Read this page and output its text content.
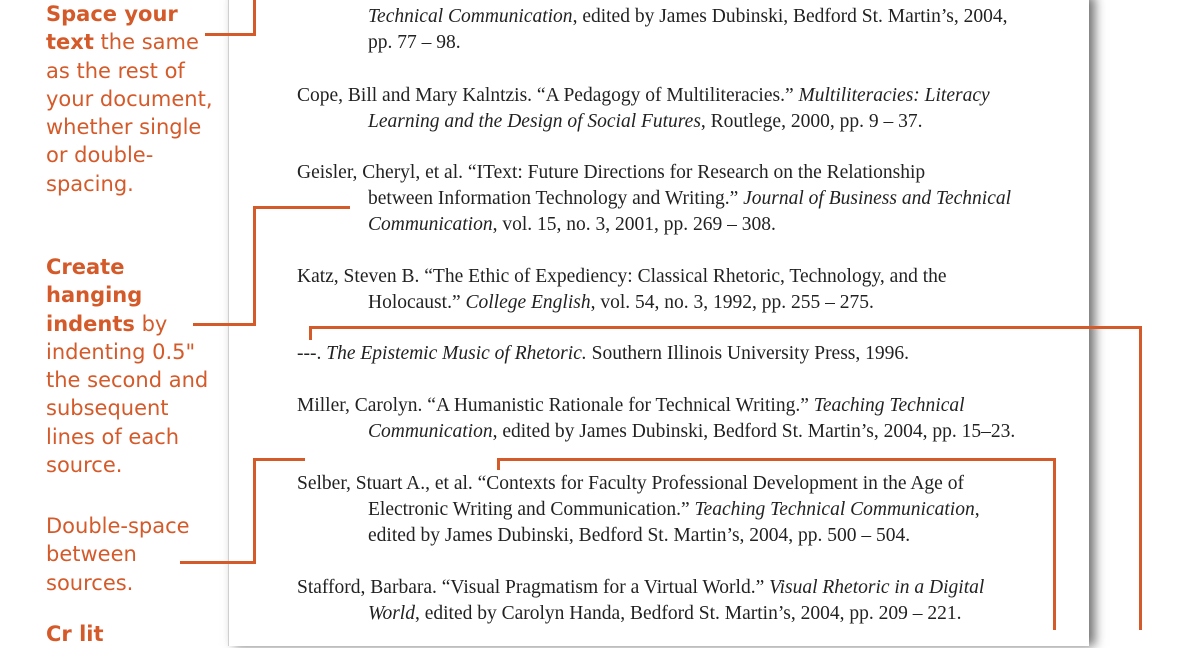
Space your text the same as the rest of your document, whether single or double-spacing.

Create hanging indents by indenting 0.5" the second and subsequent lines of each source.

Double-space between sources.

Cr lit

Technical Communication, edited by James Dubinski, Bedford St. Martin’s, 2004,
pp. 77 – 98.

Cope, Bill and Mary Kalntzis. “A Pedagogy of Multiliteracies.” Multiliteracies: Literacy
Learning and the Design of Social Futures, Routlege, 2000, pp. 9 – 37.

Geisler, Cheryl, et al. “IText: Future Directions for Research on the Relationship
between Information Technology and Writing.” Journal of Business and Technical
Communication, vol. 15, no. 3, 2001, pp. 269 – 308.

Katz, Steven B. “The Ethic of Expediency: Classical Rhetoric, Technology, and the
Holocaust.” College English, vol. 54, no. 3, 1992, pp. 255 – 275.

---. The Epistemic Music of Rhetoric. Southern Illinois University Press, 1996.

Miller, Carolyn. “A Humanistic Rationale for Technical Writing.” Teaching Technical
Communication, edited by James Dubinski, Bedford St. Martin’s, 2004, pp. 15–23.

Selber, Stuart A., et al. “Contexts for Faculty Professional Development in the Age of
Electronic Writing and Communication.” Teaching Technical Communication,
edited by James Dubinski, Bedford St. Martin’s, 2004, pp. 500 – 504.

Stafford, Barbara. “Visual Pragmatism for a Virtual World.” Visual Rhetoric in a Digital
World, edited by Carolyn Handa, Bedford St. Martin’s, 2004, pp. 209 – 221.
